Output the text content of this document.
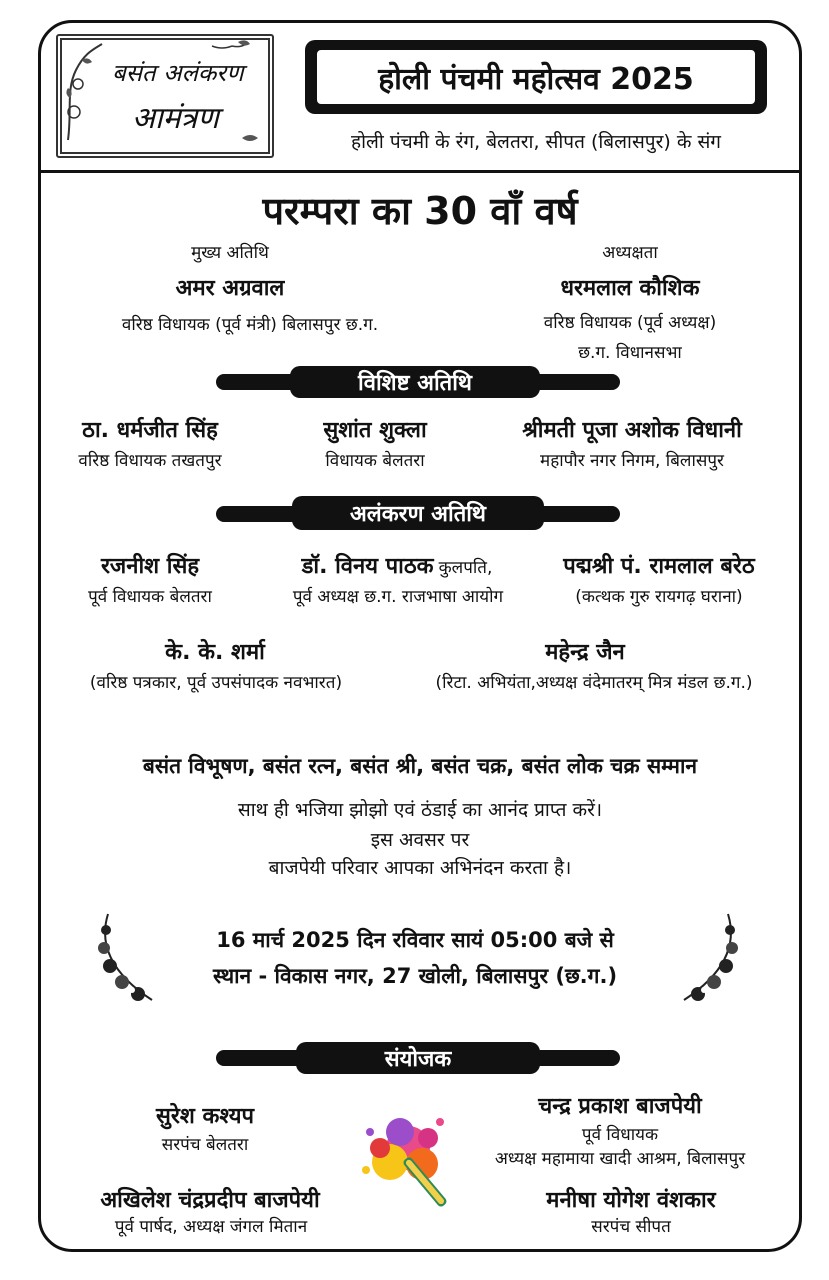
बसंत अलंकरण
आमंत्रण
होली पंचमी महोत्सव 2025
होली पंचमी के रंग, बेलतरा, सीपत (बिलासपुर) के संग
परम्परा का 30 वाँ वर्ष
मुख्य अतिथि
अमर अग्रवाल
वरिष्ठ विधायक (पूर्व मंत्री) बिलासपुर छ.ग.
अध्यक्षता
धरमलाल कौशिक
वरिष्ठ विधायक (पूर्व अध्यक्ष)
छ.ग. विधानसभा
विशिष्ट अतिथि
ठा. धर्मजीत सिंह
वरिष्ठ विधायक तखतपुर
सुशांत शुक्ला
विधायक बेलतरा
श्रीमती पूजा अशोक विधानी
महापौर नगर निगम, बिलासपुर
अलंकरण अतिथि
रजनीश सिंह
पूर्व विधायक बेलतरा
डॉ. विनय पाठक कुलपति,
पूर्व अध्यक्ष छ.ग. राजभाषा आयोग
पद्मश्री पं. रामलाल बरेठ
(कत्थक गुरु रायगढ़ घराना)
के. के. शर्मा
(वरिष्ठ पत्रकार, पूर्व उपसंपादक नवभारत)
महेन्द्र जैन
(रिटा. अभियंता,अध्यक्ष वंदेमातरम् मित्र मंडल छ.ग.)
बसंत विभूषण, बसंत रत्न, बसंत श्री, बसंत चक्र, बसंत लोक चक्र सम्मान
साथ ही भजिया झोझो एवं ठंडाई का आनंद प्राप्त करें।
इस अवसर पर
बाजपेयी परिवार आपका अभिनंदन करता है।
16 मार्च 2025 दिन रविवार सायं 05:00 बजे से
स्थान - विकास नगर, 27 खोली, बिलासपुर (छ.ग.)
संयोजक
सुरेश कश्यप
सरपंच बेलतरा
चन्द्र प्रकाश बाजपेयी
पूर्व विधायक
अध्यक्ष महामाया खादी आश्रम, बिलासपुर
अखिलेश चंद्रप्रदीप बाजपेयी
पूर्व पार्षद, अध्यक्ष जंगल मितान
मनीषा योगेश वंशकार
सरपंच सीपत
